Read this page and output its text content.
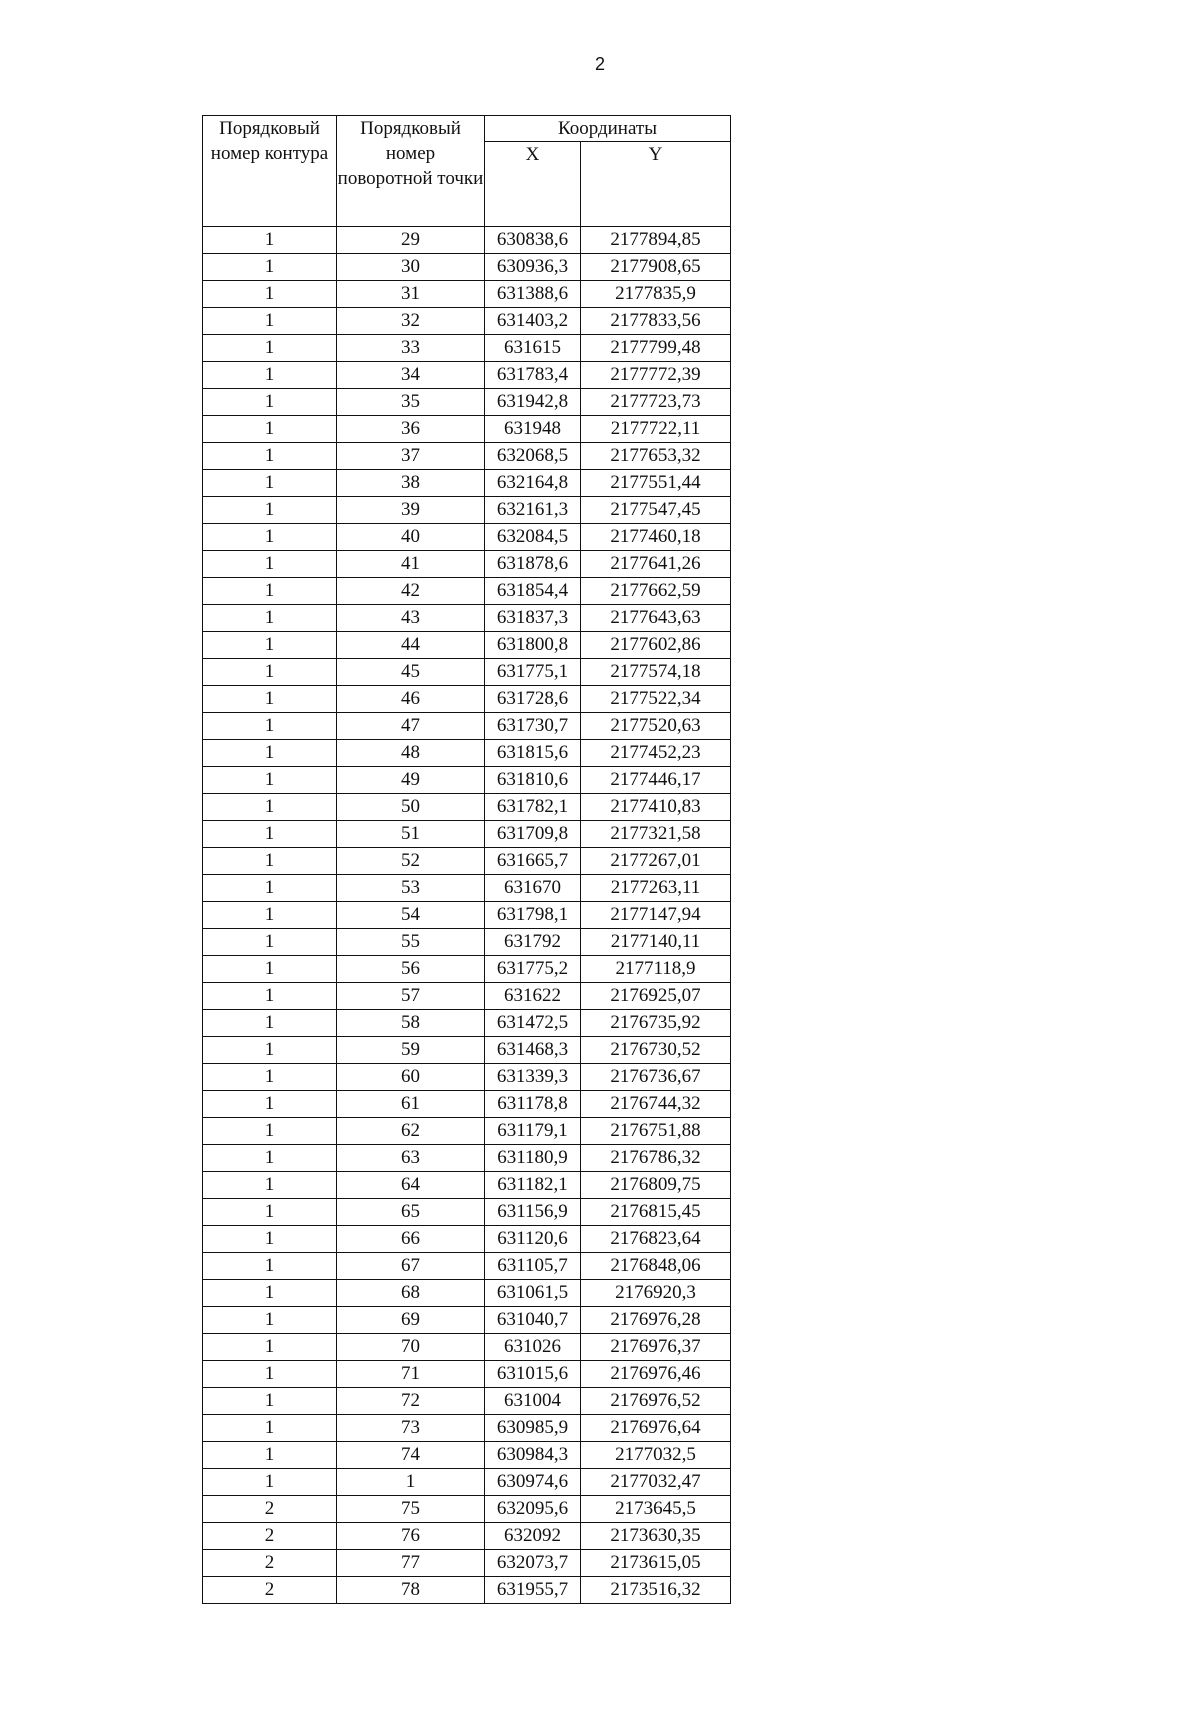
2
Порядковый номер контура	Порядковый номер поворотной точки	Координаты	
		X	Y
1	29	630838,6	2177894,85
1	30	630936,3	2177908,65
1	31	631388,6	2177835,9
1	32	631403,2	2177833,56
1	33	631615	2177799,48
1	34	631783,4	2177772,39
1	35	631942,8	2177723,73
1	36	631948	2177722,11
1	37	632068,5	2177653,32
1	38	632164,8	2177551,44
1	39	632161,3	2177547,45
1	40	632084,5	2177460,18
1	41	631878,6	2177641,26
1	42	631854,4	2177662,59
1	43	631837,3	2177643,63
1	44	631800,8	2177602,86
1	45	631775,1	2177574,18
1	46	631728,6	2177522,34
1	47	631730,7	2177520,63
1	48	631815,6	2177452,23
1	49	631810,6	2177446,17
1	50	631782,1	2177410,83
1	51	631709,8	2177321,58
1	52	631665,7	2177267,01
1	53	631670	2177263,11
1	54	631798,1	2177147,94
1	55	631792	2177140,11
1	56	631775,2	2177118,9
1	57	631622	2176925,07
1	58	631472,5	2176735,92
1	59	631468,3	2176730,52
1	60	631339,3	2176736,67
1	61	631178,8	2176744,32
1	62	631179,1	2176751,88
1	63	631180,9	2176786,32
1	64	631182,1	2176809,75
1	65	631156,9	2176815,45
1	66	631120,6	2176823,64
1	67	631105,7	2176848,06
1	68	631061,5	2176920,3
1	69	631040,7	2176976,28
1	70	631026	2176976,37
1	71	631015,6	2176976,46
1	72	631004	2176976,52
1	73	630985,9	2176976,64
1	74	630984,3	2177032,5
1	1	630974,6	2177032,47
2	75	632095,6	2173645,5
2	76	632092	2173630,35
2	77	632073,7	2173615,05
2	78	631955,7	2173516,32
